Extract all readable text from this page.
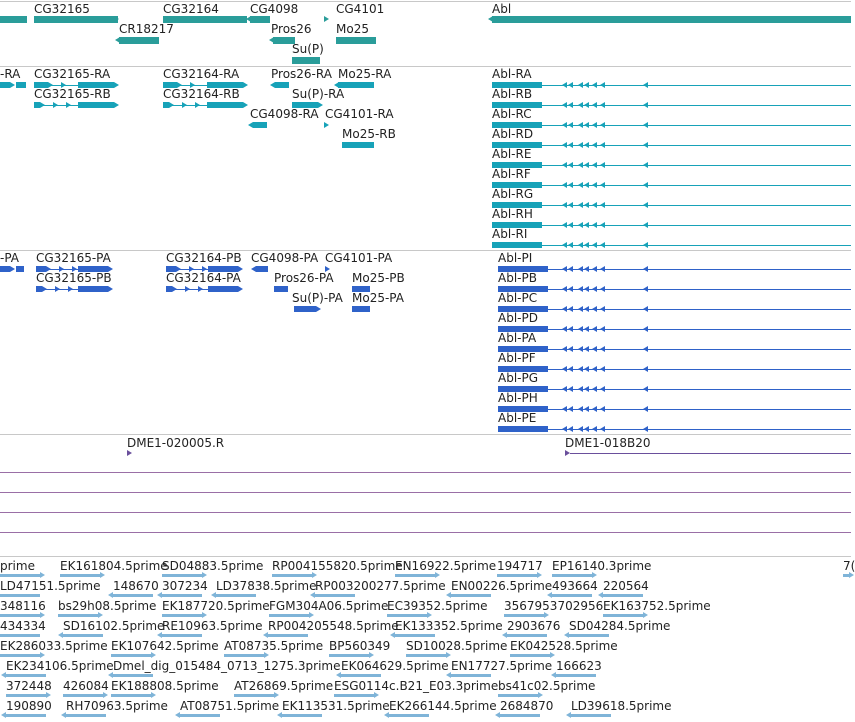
CG32165	CG32164	CG4098	CG4101	Abl
CR18217	Pros26 Mo25
Su(P)
-RA CG32165-RA	CG32164-RA	Pros26-RA Mo25-RA
CG32165-RB	CG32164-RB	Su(P)-RA
CG4098-RA CG4101-RA
Mo25-RB
Abl-RA
Abl-RB
Abl-RC
Abl-RD
Abl-RE
Abl-RF
Abl-RG
Abl-RH
Abl-RI
-PA CG32165-PA	CG32164-PB CG4098-PA CG4101-PA
CG32165-PB	CG32164-PA	Pros26-PA Mo25-PB
Su(P)-PA Mo25-PA
Abl-PI
Abl-PB
Abl-PC
Abl-PD
Abl-PA
Abl-PF
Abl-PG
Abl-PH
Abl-PE
DME1-020005.R	DME1-018B20
prime EK161804.5prime
SD04883.5prime RP004155820.5prime
EN16922.5prime 194717 EP16140.3prime	7(
LD47151.5prime 148670 307234 LD37838.5prime
RP003200277.5prime EN00226.5prime 493664 220564
348116 bs29h08.5prime EK187720.5prime FGM304A06.5prime
EC39352.5prime 3567953702956 EK163752.5prime
434334 SD16102.5prime
RE10963.5prime RP004205548.5prime
EK133352.5prime 2903676 SD04284.5prime
EK286033.5prime EK107642.5prime AT08735.5prime BP560349 SD10028.5prime EK042528.5prime
EK234106.5prime Dmel_dig_015484_0713_1275.3prime EK064629.5prime EN17727.5prime 166623
372448 426084 EK188808.5prime AT26869.5prime ESG0114c.B21_E03.3prime bs41c02.5prime
190890 RH70963.5prime AT08751.5prime EK113531.5prime EK266144.5prime 2684870 LD39618.5prime
